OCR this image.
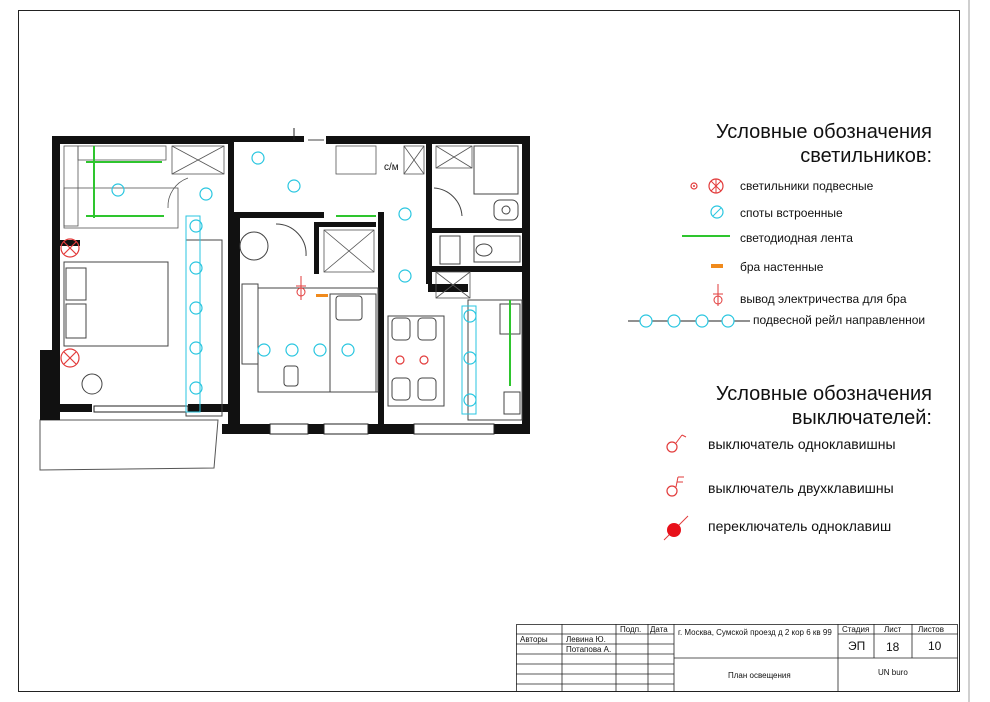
с/м
Условные обозначения
светильников:
светильники подвесные
споты встроенные
светодиодная лента
бра настенные
вывод электричества для бра
подвесной рейл направленнои
Условные обозначения
выключателей:
выключатель одноклавишны
выключатель двухклавишны
переключатель одноклавиш
Авторы Левина Ю.
Потапова А.
Подп. Дата г. Москва, Сумской проезд д 2 кор 6 кв 99	Стадия Лист Листов
ЭП 18 10
План освещения	UN buro
